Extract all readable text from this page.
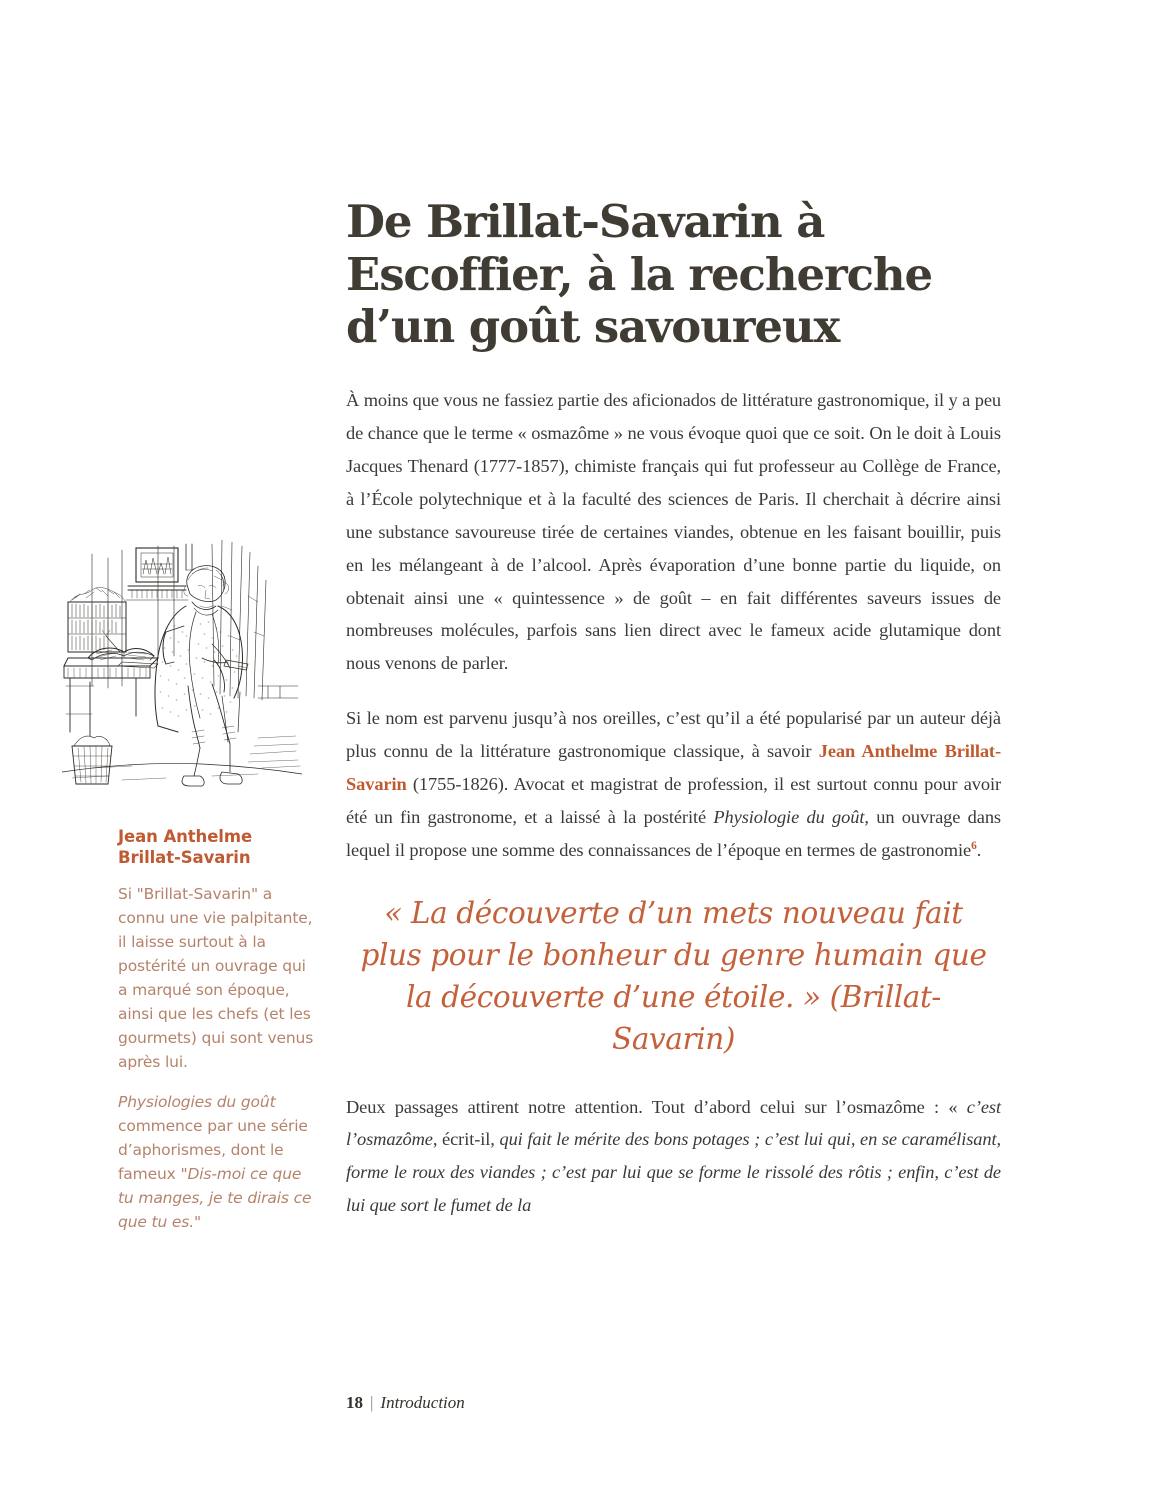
Jean Anthelme Brillat-Savarin

Si "Brillat-Savarin" a connu une vie palpitante, il laisse surtout à la postérité un ouvrage qui a marqué son époque, ainsi que les chefs (et les gourmets) qui sont venus après lui.

Physiologies du goût commence par une série d’aphorismes, dont le fameux "Dis-moi ce que tu manges, je te dirais ce que tu es."

De Brillat-Savarin à Escoffier, à la recherche d’un goût savoureux

À moins que vous ne fassiez partie des aficionados de littérature gastronomique, il y a peu de chance que le terme « osmazôme » ne vous évoque quoi que ce soit. On le doit à Louis Jacques Thenard (1777-1857), chimiste français qui fut professeur au Collège de France, à l’École polytechnique et à la faculté des sciences de Paris. Il cherchait à décrire ainsi une substance savoureuse tirée de certaines viandes, obtenue en les faisant bouillir, puis en les mélangeant à de l’alcool. Après évaporation d’une bonne partie du liquide, on obtenait ainsi une « quintessence » de goût – en fait différentes saveurs issues de nombreuses molécules, parfois sans lien direct avec le fameux acide glutamique dont nous venons de parler.

Si le nom est parvenu jusqu’à nos oreilles, c’est qu’il a été popularisé par un auteur déjà plus connu de la littérature gastronomique classique, à savoir Jean Anthelme Brillat-Savarin (1755-1826). Avocat et magistrat de profession, il est surtout connu pour avoir été un fin gastronome, et a laissé à la postérité Physiologie du goût, un ouvrage dans lequel il propose une somme des connaissances de l’époque en termes de gastronomie$^6$.

« La découverte d’un mets nouveau fait plus pour le bonheur du genre humain que la découverte d’une étoile. » (Brillat-Savarin)

Deux passages attirent notre attention. Tout d’abord celui sur l’osmazôme : « c’est l’osmazôme, écrit-il, qui fait le mérite des bons potages ; c’est lui qui, en se caramélisant, forme le roux des viandes ; c’est par lui que se forme le rissolé des rôtis ; enfin, c’est de lui que sort le fumet de la

18 | Introduction
